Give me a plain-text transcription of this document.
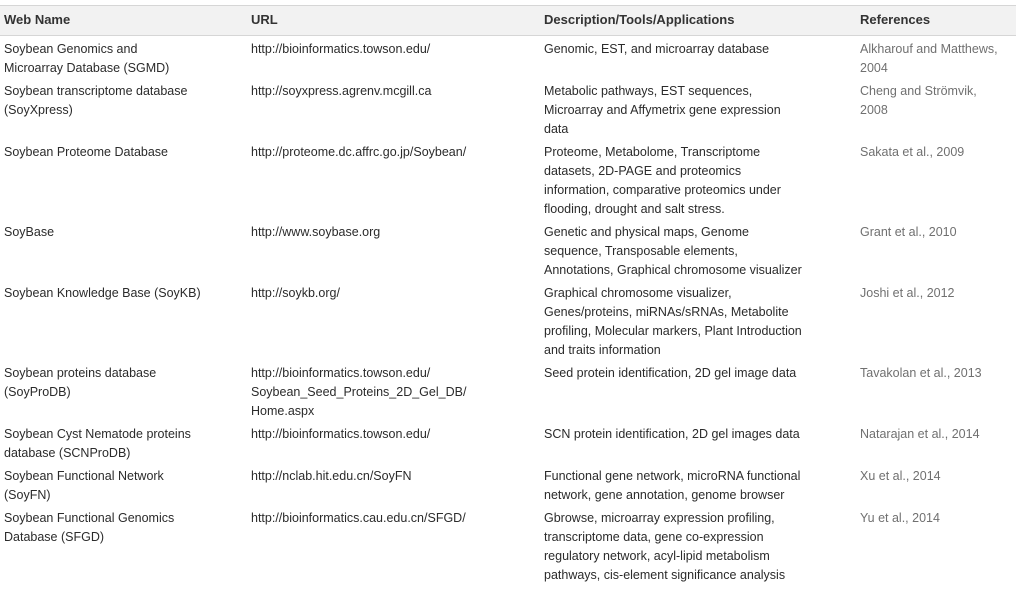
Web Name	URL	Description/Tools/Applications	References

Soybean Genomics and
Microarray Database (SGMD)	http://bioinformatics.towson.edu/	Genomic, EST, and microarray database	Alkharouf and Matthews,
2004

Soybean transcriptome database
(SoyXpress)	http://soyxpress.agrenv.mcgill.ca	Metabolic pathways, EST sequences,
Microarray and Affymetrix gene expression
data	Cheng and Strömvik,
2008

Soybean Proteome Database	http://proteome.dc.affrc.go.jp/Soybean/	Proteome, Metabolome, Transcriptome
datasets, 2D-PAGE and proteomics
information, comparative proteomics under
flooding, drought and salt stress.	Sakata et al., 2009

SoyBase	http://www.soybase.org	Genetic and physical maps, Genome
sequence, Transposable elements,
Annotations, Graphical chromosome visualizer	Grant et al., 2010

Soybean Knowledge Base (SoyKB)	http://soykb.org/	Graphical chromosome visualizer,
Genes/proteins, miRNAs/sRNAs, Metabolite
profiling, Molecular markers, Plant Introduction
and traits information	Joshi et al., 2012

Soybean proteins database
(SoyProDB)	http://bioinformatics.towson.edu/
Soybean_Seed_Proteins_2D_Gel_DB/
Home.aspx	Seed protein identification, 2D gel image data	Tavakolan et al., 2013

Soybean Cyst Nematode proteins
database (SCNProDB)	http://bioinformatics.towson.edu/	SCN protein identification, 2D gel images data	Natarajan et al., 2014

Soybean Functional Network
(SoyFN)	http://nclab.hit.edu.cn/SoyFN	Functional gene network, microRNA functional
network, gene annotation, genome browser	Xu et al., 2014

Soybean Functional Genomics
Database (SFGD)	http://bioinformatics.cau.edu.cn/SFGD/	Gbrowse, microarray expression profiling,
transcriptome data, gene co-expression
regulatory network, acyl-lipid metabolism
pathways, cis-element significance analysis	Yu et al., 2014
